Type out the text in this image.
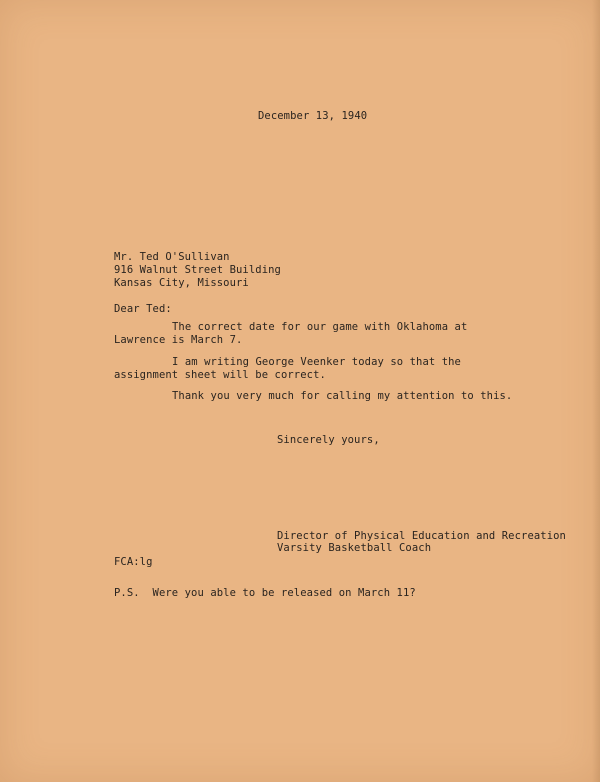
December 13, 1940

Mr. Ted O'Sullivan

916 Walnut Street Building

Kansas City, Missouri

Dear Ted:

The correct date for our game with Oklahoma at

Lawrence is March 7.

I am writing George Veenker today so that the

assignment sheet will be correct.

Thank you very much for calling my attention to this.

Sincerely yours,

Director of Physical Education and Recreation

Varsity Basketball Coach

FCA:lg

P.S.  Were you able to be released on March 11?
